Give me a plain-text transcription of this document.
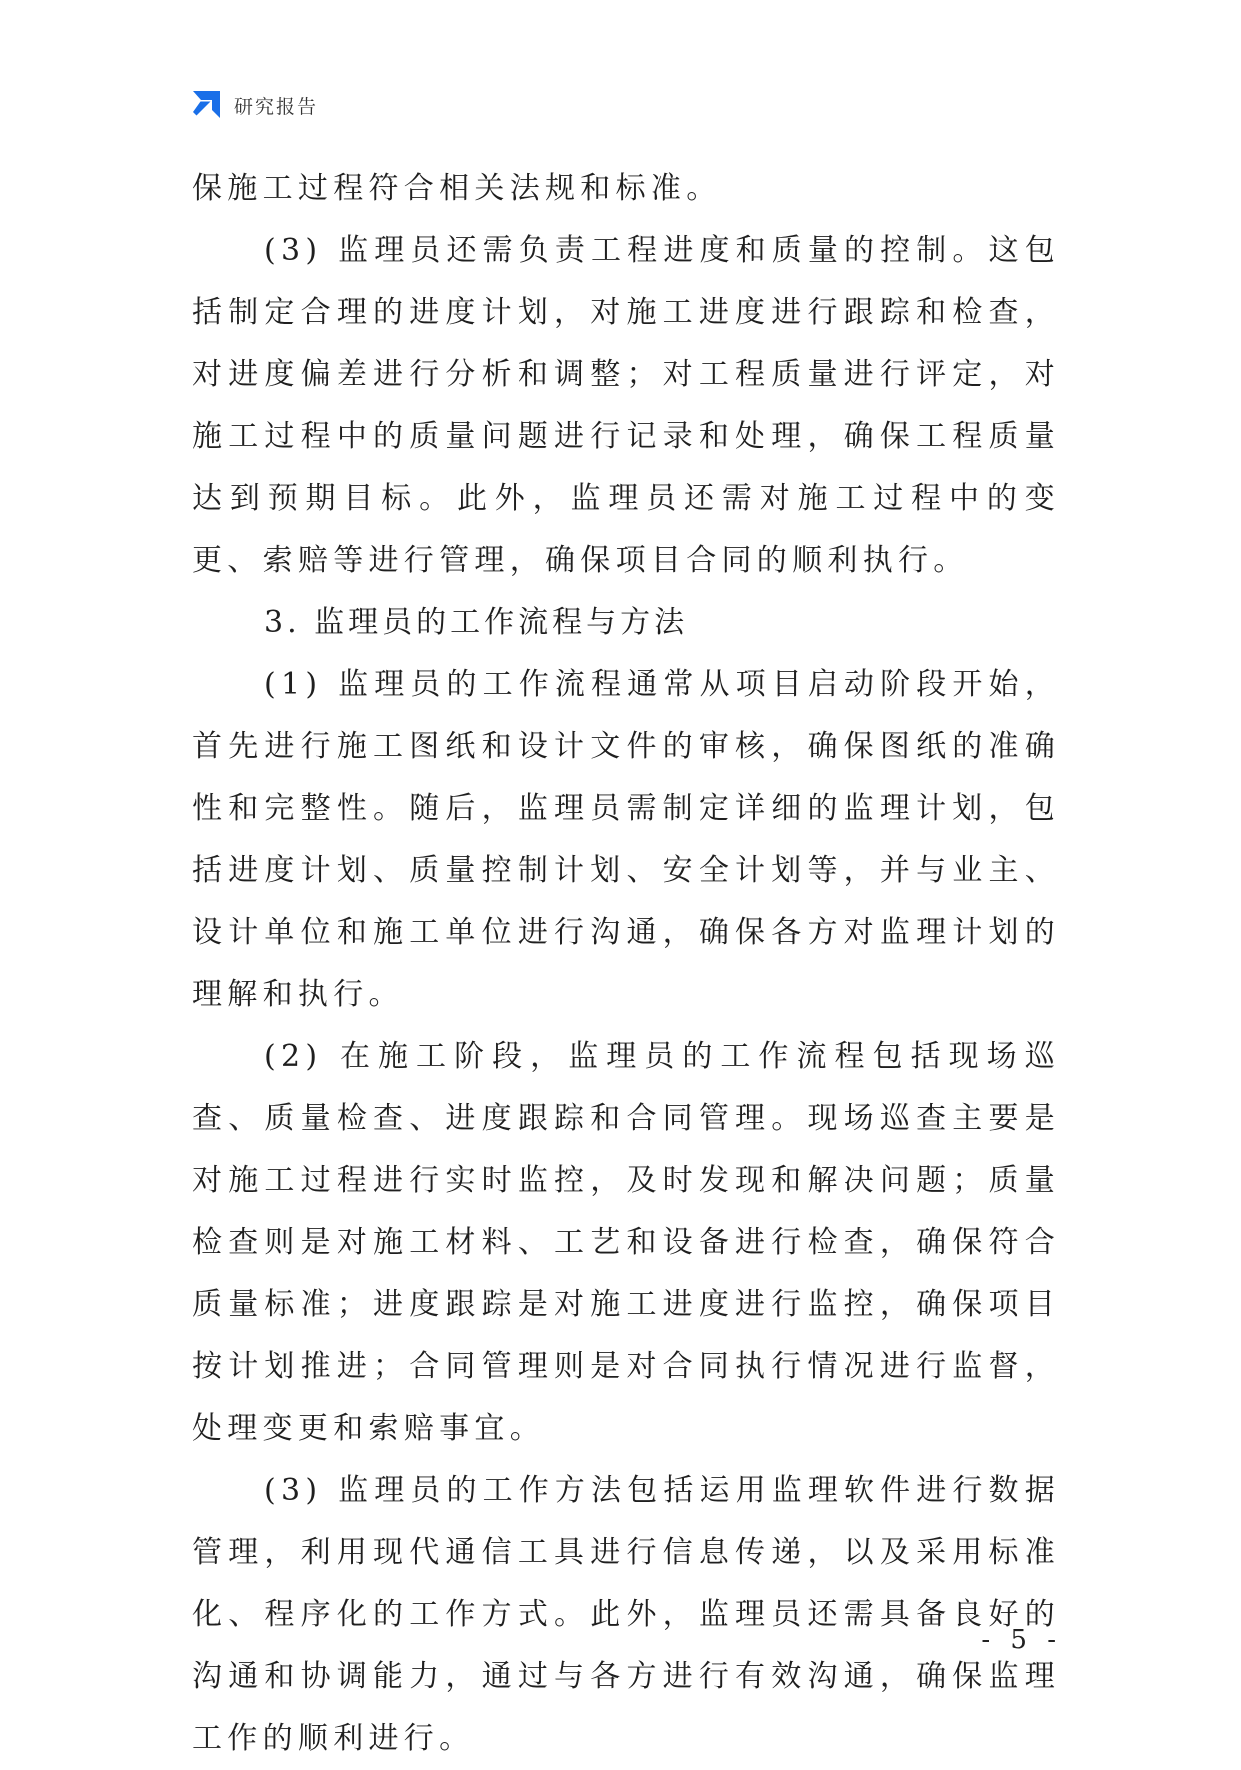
研究报告

保施工过程符合相关法规和标准。

(3) 监理员还需负责工程进度和质量的控制。这包括制定合理的进度计划，对施工进度进行跟踪和检查，对进度偏差进行分析和调整；对工程质量进行评定，对施工过程中的质量问题进行记录和处理，确保工程质量达到预期目标。此外，监理员还需对施工过程中的变更、索赔等进行管理，确保项目合同的顺利执行。

3. 监理员的工作流程与方法

(1) 监理员的工作流程通常从项目启动阶段开始，首先进行施工图纸和设计文件的审核，确保图纸的准确性和完整性。随后，监理员需制定详细的监理计划，包括进度计划、质量控制计划、安全计划等，并与业主、设计单位和施工单位进行沟通，确保各方对监理计划的理解和执行。

(2) 在施工阶段，监理员的工作流程包括现场巡查、质量检查、进度跟踪和合同管理。现场巡查主要是对施工过程进行实时监控，及时发现和解决问题；质量检查则是对施工材料、工艺和设备进行检查，确保符合质量标准；进度跟踪是对施工进度进行监控，确保项目按计划推进；合同管理则是对合同执行情况进行监督，处理变更和索赔事宜。

(3) 监理员的工作方法包括运用监理软件进行数据管理，利用现代通信工具进行信息传递，以及采用标准化、程序化的工作方式。此外，监理员还需具备良好的沟通和协调能力，通过与各方进行有效沟通，确保监理工作的顺利进行。

- 5 -
